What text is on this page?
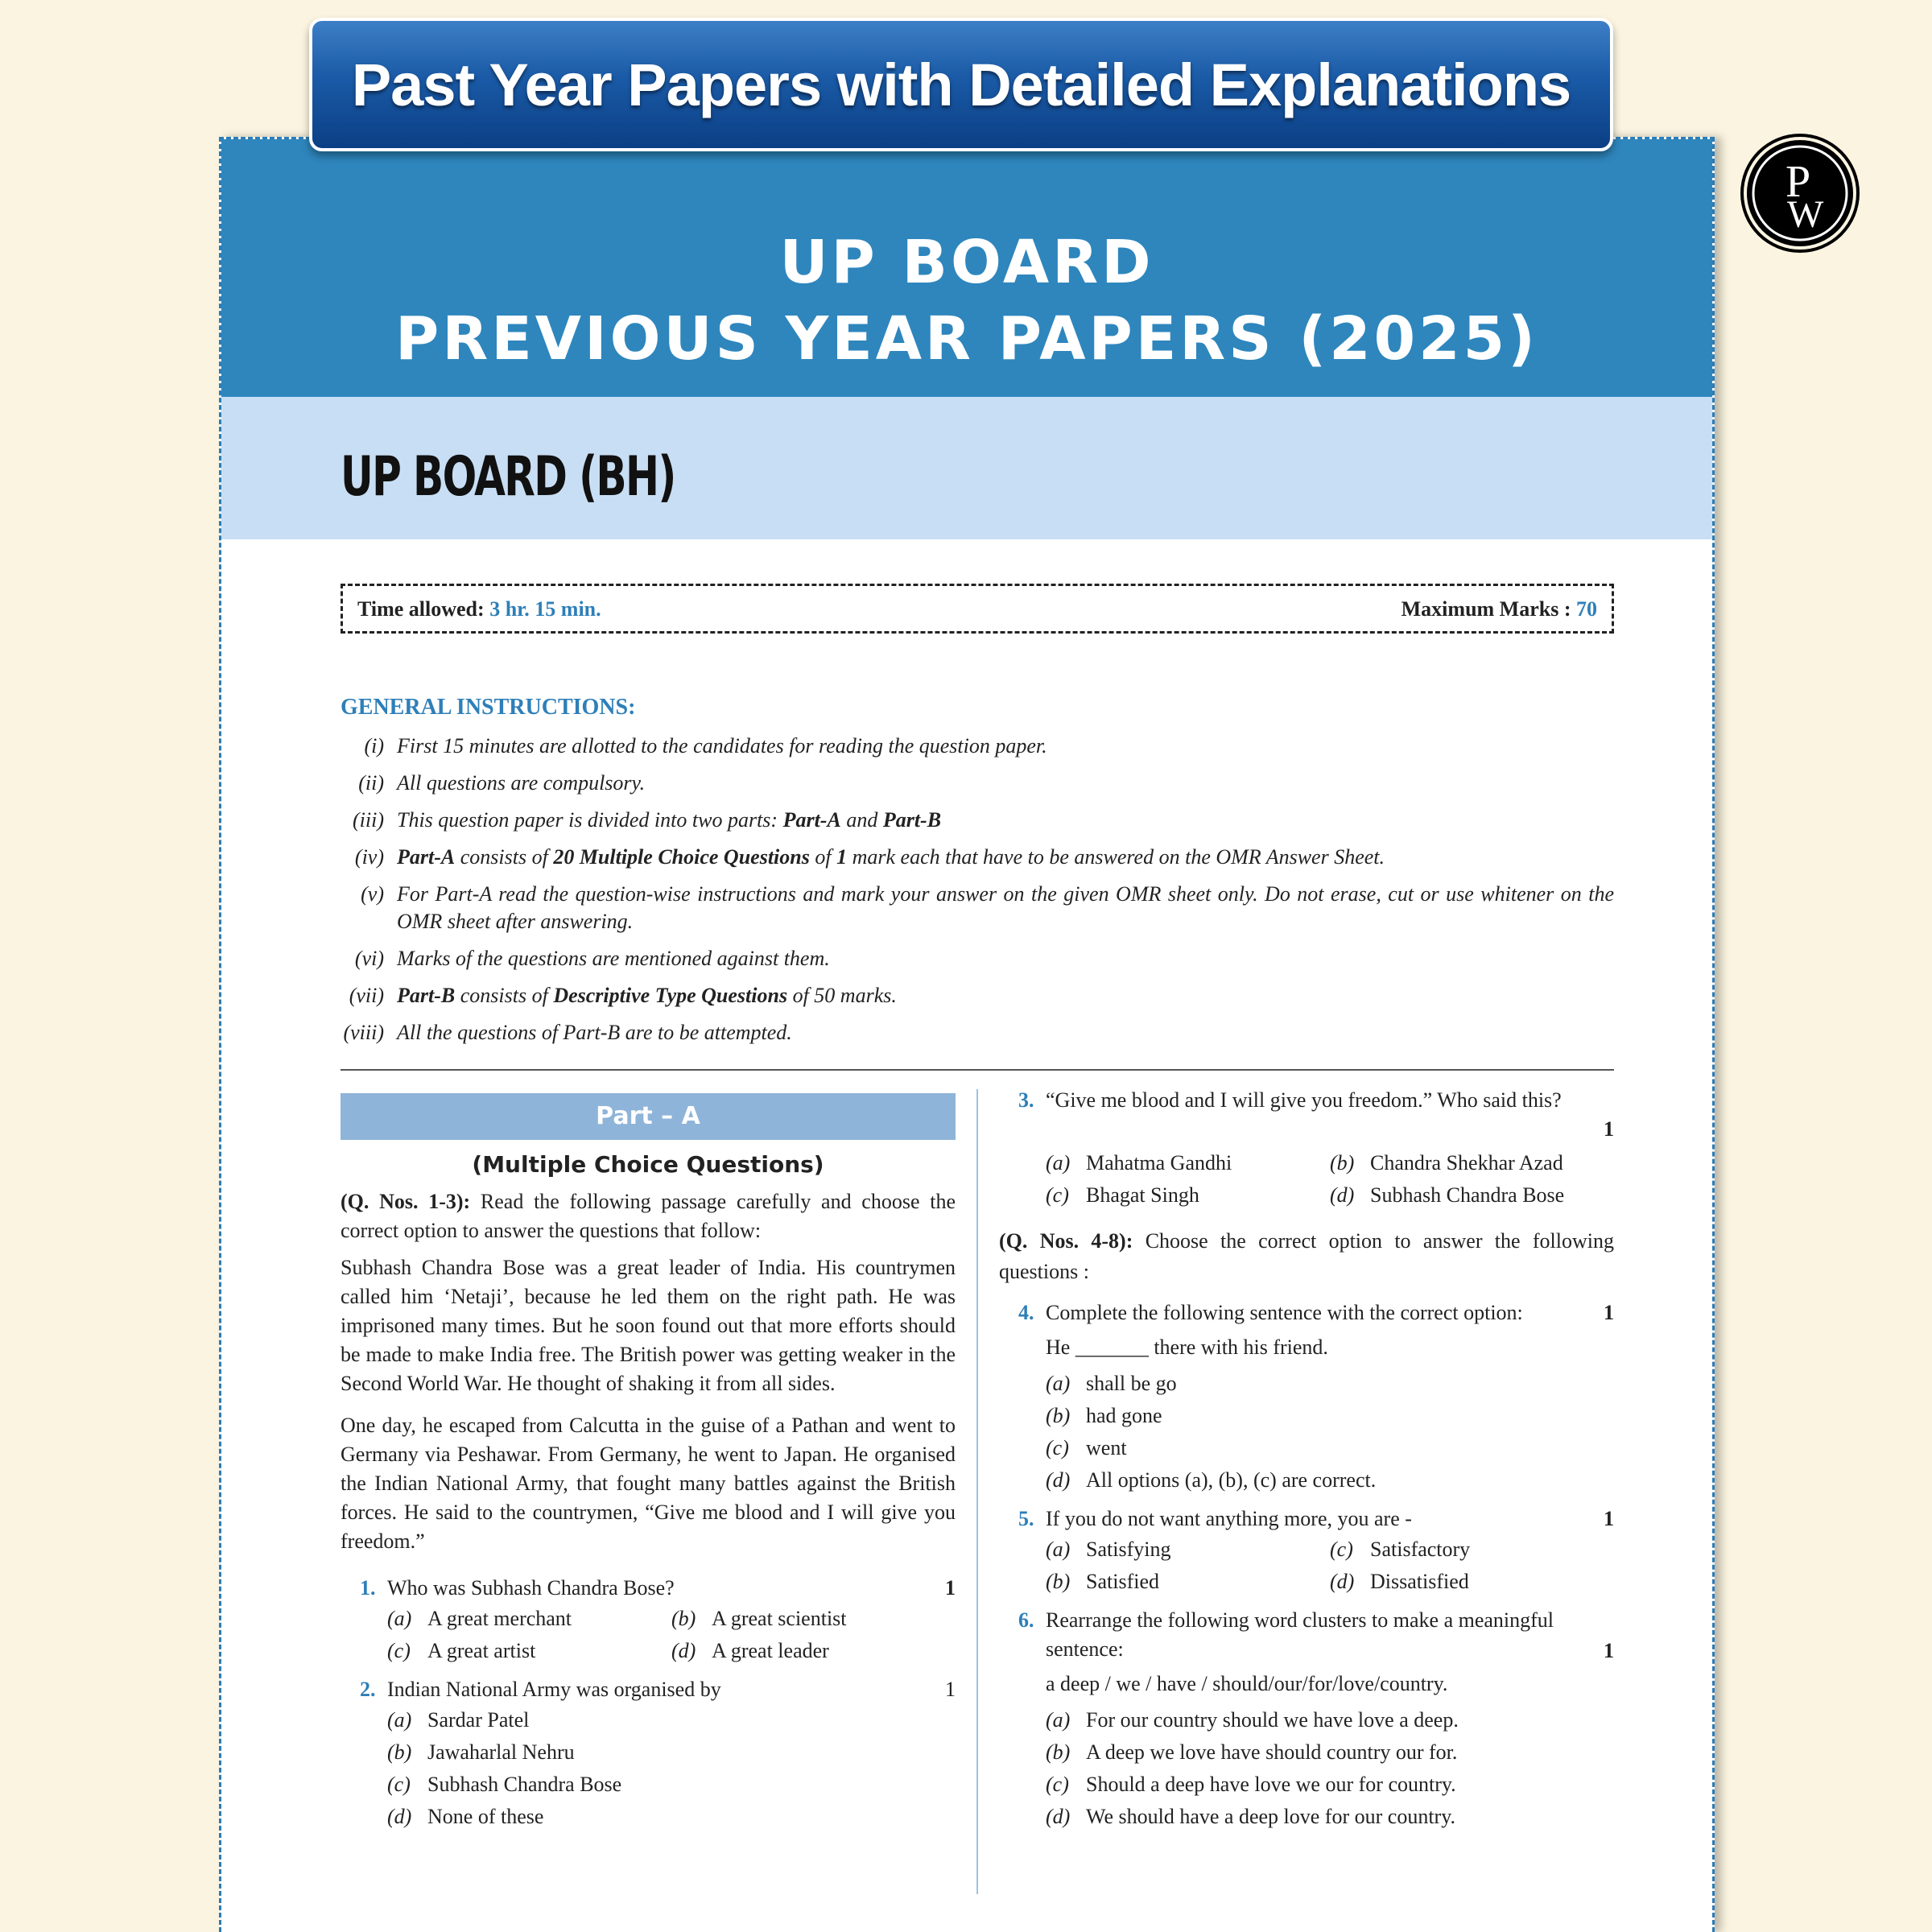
Past Year Papers with Detailed Explanations
P
W
UP BOARD
PREVIOUS YEAR PAPERS (2025)
UP BOARD (BH)
Time allowed: 3 hr. 15 min.	Maximum Marks : 70
GENERAL INSTRUCTIONS:
(i) First 15 minutes are allotted to the candidates for reading the question paper.
(ii) All questions are compulsory.
(iii) This question paper is divided into two parts: Part-A and Part-B
(iv) Part-A consists of 20 Multiple Choice Questions of 1 mark each that have to be answered on the OMR Answer Sheet.
(v) For Part-A read the question-wise instructions and mark your answer on the given OMR sheet only. Do not erase, cut or use whitener on the OMR sheet after answering.
(vi) Marks of the questions are mentioned against them.
(vii) Part-B consists of Descriptive Type Questions of 50 marks.
(viii) All the questions of Part-B are to be attempted.
Part – A
(Multiple Choice Questions)

(Q. Nos. 1-3): Read the following passage carefully and choose the correct option to answer the questions that follow:

Subhash Chandra Bose was a great leader of India. His countrymen called him ‘Netaji’, because he led them on the right path. He was imprisoned many times. But he soon found out that more efforts should be made to make India free. The British power was getting weaker in the Second World War. He thought of shaking it from all sides.

One day, he escaped from Calcutta in the guise of a Pathan and went to Germany via Peshawar. From Germany, he went to Japan. He organised the Indian National Army, that fought many battles against the British forces. He said to the countrymen, “Give me blood and I will give you freedom.”

1. Who was Subhash Chandra Bose?	1
(a) A great merchant	(b) A great scientist
(c) A great artist	(d) A great leader
2. Indian National Army was organised by	1
(a) Sardar Patel
(b) Jawaharlal Nehru
(c) Subhash Chandra Bose
(d) None of these
3. “Give me blood and I will give you freedom.” Who said this?
1
(a) Mahatma Gandhi	(b) Chandra Shekhar Azad
(c) Bhagat Singh	(d) Subhash Chandra Bose

(Q. Nos. 4-8): Choose the correct option to answer the following questions :

4. Complete the following sentence with the correct option:	1
He _______ there with his friend.
(a) shall be go
(b) had gone
(c) went
(d) All options (a), (b), (c) are correct.
5. If you do not want anything more, you are -	1
(a) Satisfying	(c) Satisfactory
(b) Satisfied	(d) Dissatisfied
6. Rearrange the following word clusters to make a meaningful sentence:	1
a deep / we / have / should/our/for/love/country.
(a) For our country should we have love a deep.
(b) A deep we love have should country our for.
(c) Should a deep have love we our for country.
(d) We should have a deep love for our country.
